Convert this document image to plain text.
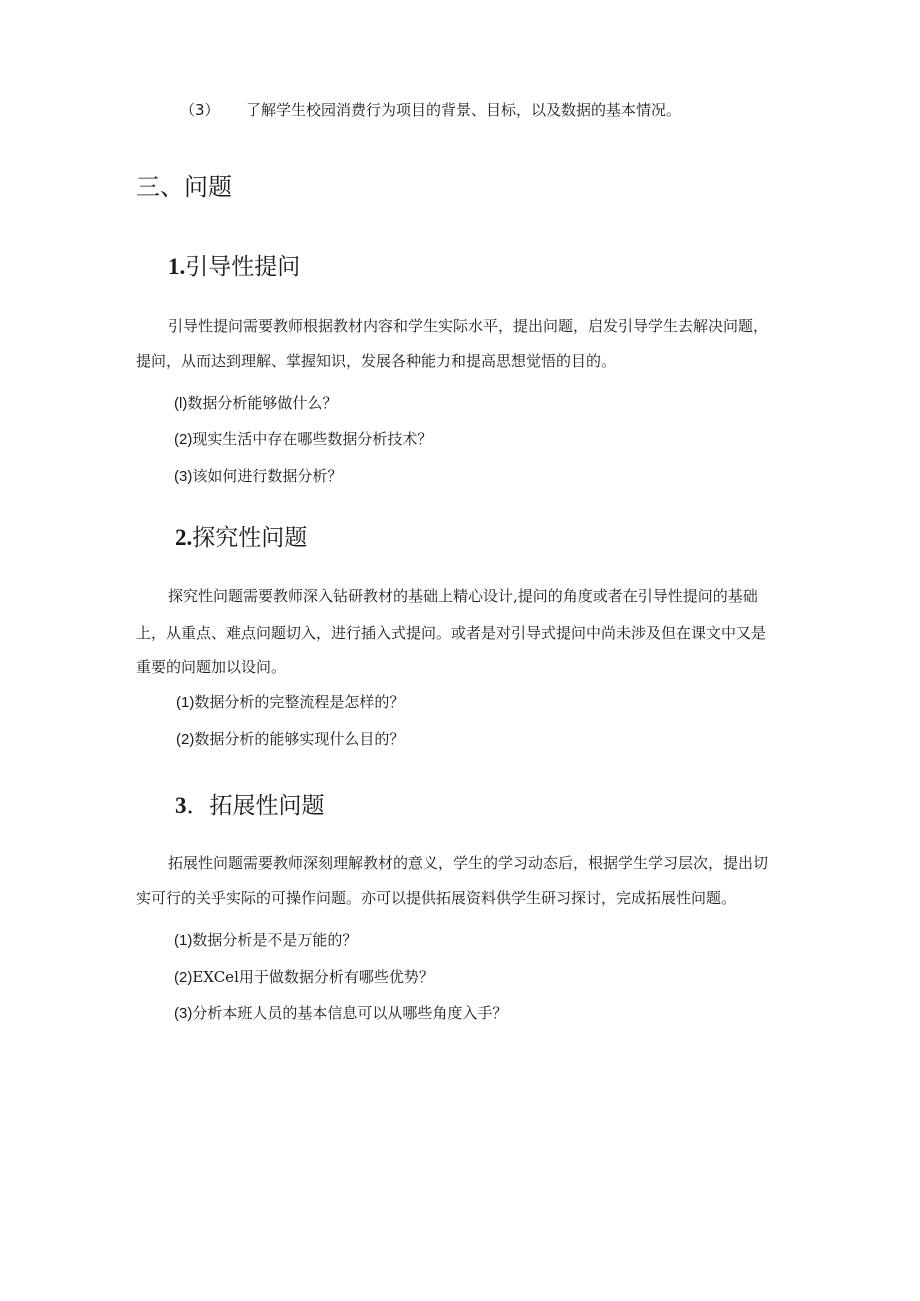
（3） 了解学生校园消费行为项目的背景、目标，以及数据的基本情况。
三、问题
1.引导性提问
引导性提问需要教师根据教材内容和学生实际水平，提出问题，启发引导学生去解决问题，
提问，从而达到理解、掌握知识，发展各种能力和提高思想觉悟的目的。
(l)数据分析能够做什么？
(2)现实生活中存在哪些数据分析技术？
(3)该如何进行数据分析？
2.探究性问题
探究性问题需要教师深入钻研教材的基础上精心设计,提问的角度或者在引导性提问的基础
上，从重点、难点问题切入，进行插入式提问。或者是对引导式提问中尚未涉及但在课文中又是
重要的问题加以设问。
(1)数据分析的完整流程是怎样的？
(2)数据分析的能够实现什么目的？
3．拓展性问题
拓展性问题需要教师深刻理解教材的意义，学生的学习动态后，根据学生学习层次，提出切
实可行的关乎实际的可操作问题。亦可以提供拓展资料供学生研习探讨，完成拓展性问题。
(1)数据分析是不是万能的？
(2)EXCel用于做数据分析有哪些优势？
(3)分析本班人员的基本信息可以从哪些角度入手？
